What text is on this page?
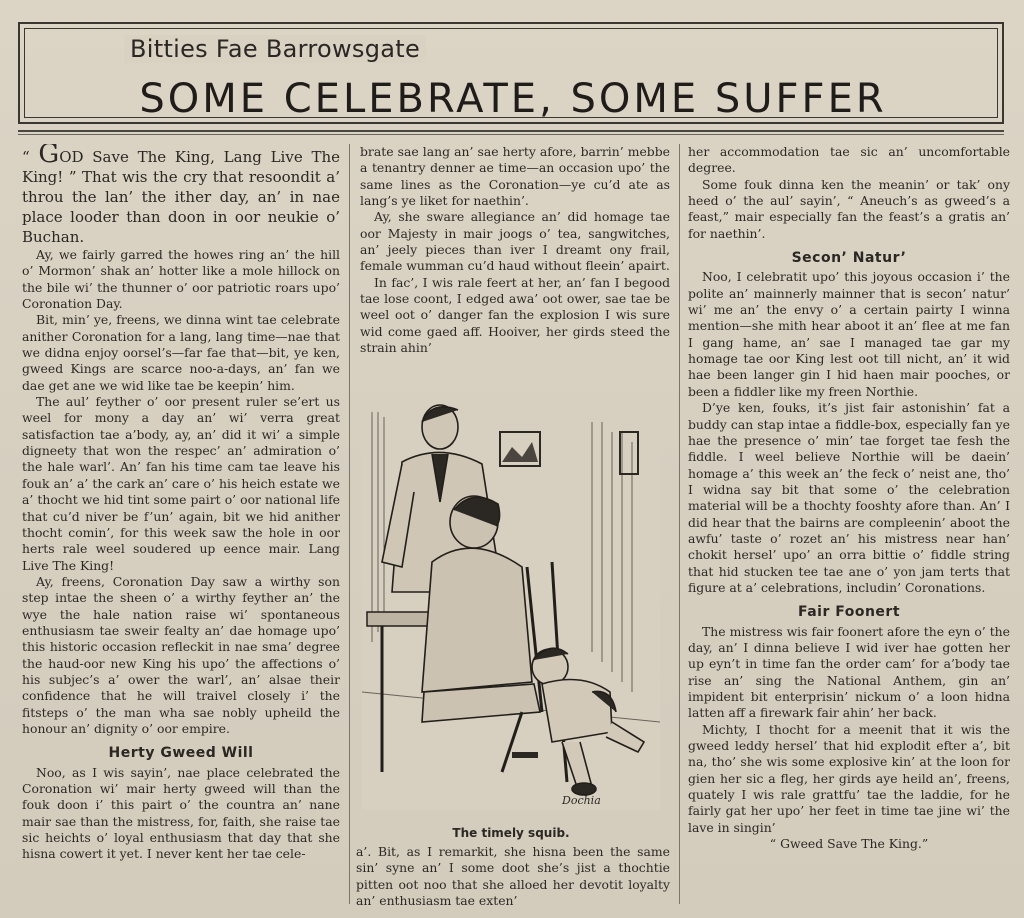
Bitties Fae Barrowsgate
SOME CELEBRATE, SOME SUFFER

“ GOD Save The King, Lang Live The King! ” That wis the cry that resoondit a’ throu the lan’ the ither day, an’ in nae place looder than doon in oor neukie o’ Buchan.

Ay, we fairly garred the howes ring an’ the hill o’ Mormon’ shak an’ hotter like a mole hillock on the bile wi’ the thunner o’ oor patriotic roars upo’ Coronation Day.

Bit, min’ ye, freens, we dinna wint tae celebrate anither Coronation for a lang, lang time—nae that we didna enjoy oorsel’s—far fae that—bit, ye ken, gweed Kings are scarce noo-a-days, an’ fan we dae get ane we wid like tae be keepin’ him.

The aul’ feyther o’ oor present ruler se’ert us weel for mony a day an’ wi’ verra great satisfaction tae a’body, ay, an’ did it wi’ a simple digneety that won the respec’ an’ admiration o’ the hale warl’. An’ fan his time cam tae leave his fouk an’ a’ the cark an’ care o’ his heich estate we a’ thocht we hid tint some pairt o’ oor national life that cu’d niver be f’un’ again, bit we hid anither thocht comin’, for this week saw the hole in oor herts rale weel soudered up eence mair. Lang Live The King!

Ay, freens, Coronation Day saw a wirthy son step intae the sheen o’ a wirthy feyther an’ the wye the hale nation raise wi’ spontaneous enthusiasm tae sweir fealty an’ dae homage upo’ this historic occasion refleckit in nae sma’ degree the haud-oor new King his upo’ the affections o’ his subjec’s a’ ower the warl’, an’ alsae their confidence that he will traivel closely i’ the fitsteps o’ the man wha sae nobly upheild the honour an’ dignity o’ oor empire.

Herty Gweed Will

Noo, as I wis sayin’, nae place celebrated the Coronation wi’ mair herty gweed will than the fouk doon i’ this pairt o’ the countra an’ nane mair sae than the mistress, for, faith, she raise tae sic heichts o’ loyal enthusiasm that day that she hisna cowert it yet. I never kent her tae cele-

brate sae lang an’ sae herty afore, barrin’ mebbe a tenantry denner ae time—an occasion upo’ the same lines as the Coronation—ye cu’d ate as lang’s ye liket for naethin’.

Ay, she sware allegiance an’ did homage tae oor Majesty in mair joogs o’ tea, sangwitches, an’ jeely pieces than iver I dreamt ony frail, female wumman cu’d haud without fleein’ apairt.

In fac’, I wis rale feert at her, an’ fan I begood tae lose coont, I edged awa’ oot ower, sae tae be weel oot o’ danger fan the explosion I wis sure wid come gaed aff. Hooiver, her girds steed the strain ahin’

Dochia
The timely squib.

a’. Bit, as I remarkit, she hisna been the same sin’ syne an’ I some doot she’s jist a thochtie pitten oot noo that she alloed her devotit loyalty an’ enthusiasm tae exten’

her accommodation tae sic an’ uncomfortable degree.

Some fouk dinna ken the meanin’ or tak’ ony heed o’ the aul’ sayin’, “ Aneuch’s as gweed’s a feast,” mair especially fan the feast’s a gratis an’ for naethin’.

Secon’ Natur’

Noo, I celebratit upo’ this joyous occasion i’ the polite an’ mainnerly mainner that is secon’ natur’ wi’ me an’ the envy o’ a certain pairty I winna mention—she mith hear aboot it an’ flee at me fan I gang hame, an’ sae I managed tae gar my homage tae oor King lest oot till nicht, an’ it wid hae been langer gin I hid haen mair pooches, or been a fiddler like my freen Northie.

D’ye ken, fouks, it’s jist fair astonishin’ fat a buddy can stap intae a fiddle-box, especially fan ye hae the presence o’ min’ tae forget tae fesh the fiddle. I weel believe Northie will be daein’ homage a’ this week an’ the feck o’ neist ane, tho’ I widna say bit that some o’ the celebration material will be a thochty fooshty afore than. An’ I did hear that the bairns are compleenin’ aboot the awfu’ taste o’ rozet an’ his mistress near han’ chokit hersel’ upo’ an orra bittie o’ fiddle string that hid stucken tee tae ane o’ yon jam terts that figure at a’ celebrations, includin’ Coronations.

Fair Foonert

The mistress wis fair foonert afore the eyn o’ the day, an’ I dinna believe I wid iver hae gotten her up eyn’t in time fan the order cam’ for a’body tae rise an’ sing the National Anthem, gin an’ impident bit enterprisin’ nickum o’ a loon hidna latten aff a firewark fair ahin’ her back.

Michty, I thocht for a meenit that it wis the gweed leddy hersel’ that hid explodit efter a’, bit na, tho’ she wis some explosive kin’ at the loon for gien her sic a fleg, her girds aye heild an’, freens, quately I wis rale grattfu’ tae the laddie, for he fairly gat her upo’ her feet in time tae jine wi’ the lave in singin’

“ Gweed Save The King.”
